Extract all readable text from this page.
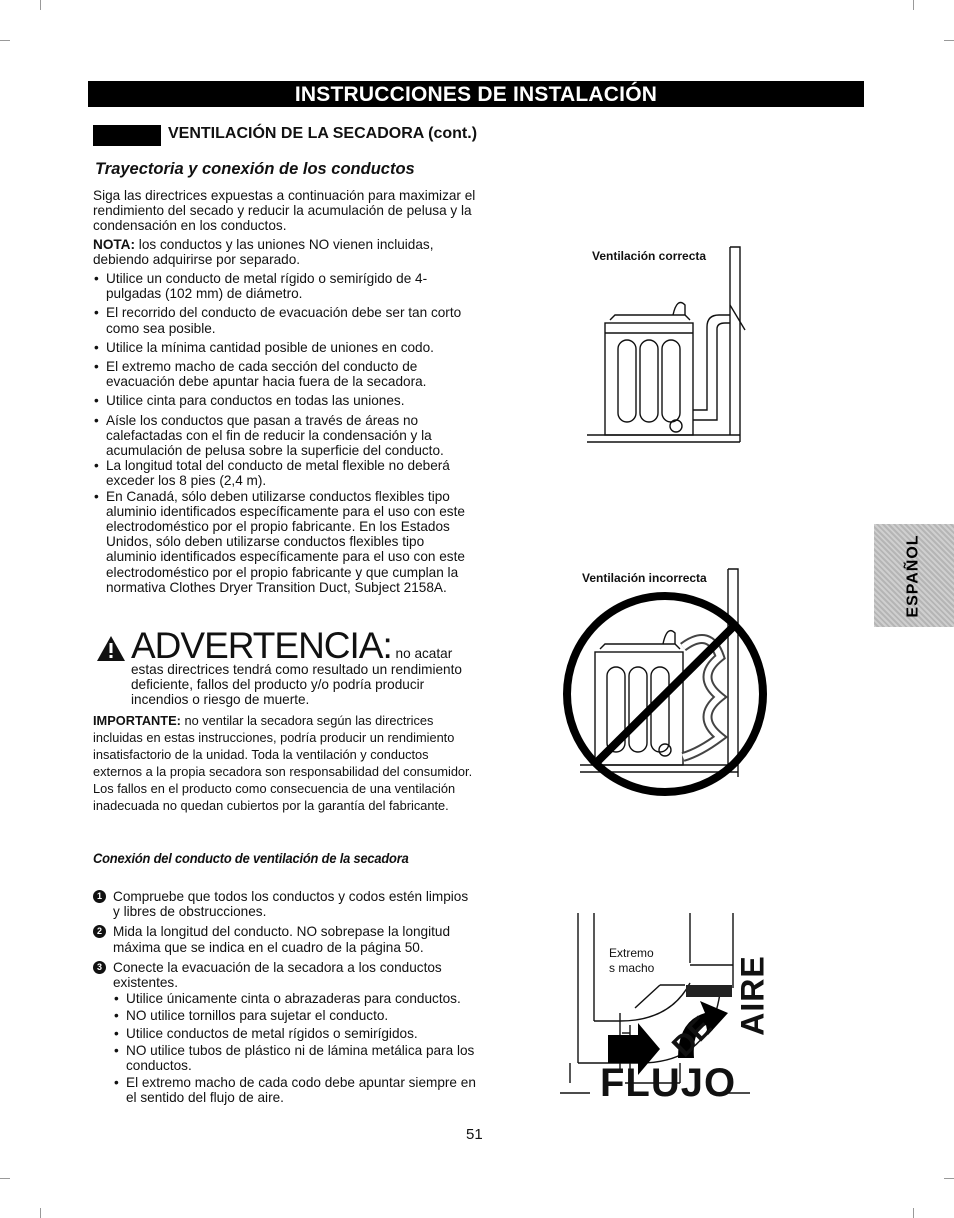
INSTRUCCIONES DE INSTALACIÓN
VENTILACIÓN DE LA SECADORA (cont.)
Trayectoria y conexión de los conductos

Siga las directrices expuestas a continuación para maximizar el rendimiento del secado y reducir la acumulación de pelusa y la condensación en los conductos.

NOTA: los conductos y las uniones NO vienen incluidas, debiendo adquirirse por separado.

• Utilice un conducto de metal rígido o semirígido de 4-pulgadas (102 mm) de diámetro.
• El recorrido del conducto de evacuación debe ser tan corto como sea posible.
• Utilice la mínima cantidad posible de uniones en codo.
• El extremo macho de cada sección del conducto de evacuación debe apuntar hacia fuera de la secadora.
• Utilice cinta para conductos en todas las uniones.
• Aísle los conductos que pasan a través de áreas no calefactadas con el fin de reducir la condensación y la acumulación de pelusa sobre la superficie del conducto.
• La longitud total del conducto de metal flexible no deberá exceder los 8 pies (2,4 m).
• En Canadá, sólo deben utilizarse conductos flexibles tipo aluminio identificados específicamente para el uso con este electrodoméstico por el propio fabricante. En los Estados Unidos, sólo deben utilizarse conductos flexibles tipo aluminio identificados específicamente para el uso con este electrodoméstico por el propio fabricante y que cumplan la normativa Clothes Dryer Transition Duct, Subject 2158A.
ADVERTENCIA: no acatar estas directrices tendrá como resultado un rendimiento deficiente, fallos del producto y/o podría producir incendios o riesgo de muerte.
IMPORTANTE: no ventilar la secadora según las directrices incluidas en estas instrucciones, podría producir un rendimiento insatisfactorio de la unidad. Toda la ventilación y conductos externos a la propia secadora son responsabilidad del consumidor. Los fallos en el producto como consecuencia de una ventilación inadecuada no quedan cubiertos por la garantía del fabricante.
Conexión del conducto de ventilación de la secadora
1 Compruebe que todos los conductos y codos estén limpios y libres de obstrucciones.
2 Mida la longitud del conducto. NO sobrepase la longitud máxima que se indica en el cuadro de la página 50.
3 Conecte la evacuación de la secadora a los conductos existentes.
• Utilice únicamente cinta o abrazaderas para conductos.
• NO utilice tornillos para sujetar el conducto.
• Utilice conductos de metal rígidos o semirígidos.
• NO utilice tubos de plástico ni de lámina metálica para los conductos.
• El extremo macho de cada codo debe apuntar siempre en el sentido del flujo de aire.
Ventilación correcta
Ventilación incorrecta
Extremo
s macho
FLUJO
DE
AIRE
ESPAÑOL
51
